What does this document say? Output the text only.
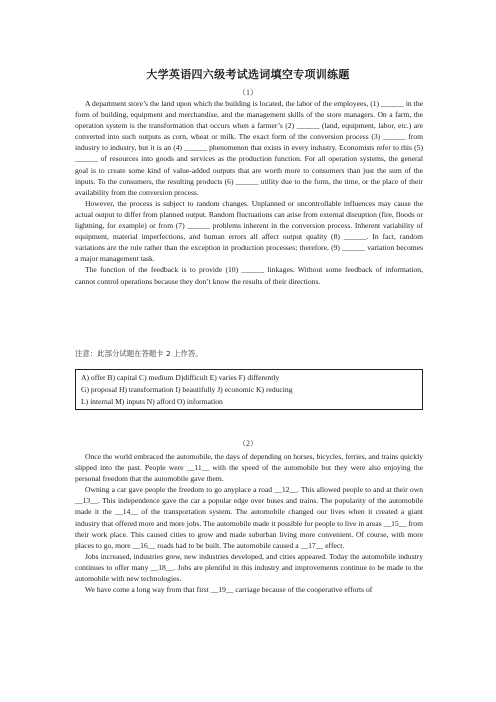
大学英语四六级考试选词填空专项训练题
（1）

A department store’s the land upon which the building is located, the labor of the employees, (1) ______ in the form of building, equipment and merchandise, and the management skills of the store managers. On a farm, the operation system is the transformation that occurs when a farmer’s (2) ______ (land, equipment, labor, etc.) are converted into such outputs as corn, wheat or milk. The exact form of the conversion process (3) ______ from industry to industry, but it is an (4) ______ phenomenon that exists in every industry. Economists refer to this (5) ______ of resources into goods and services as the production function. For all operation systems, the general goal is to create some kind of value-added outputs that are worth more to consumers than just the sum of the inputs. To the consumers, the resulting products (6) ______ utility due to the form, the time, or the place of their availability from the conversion process.

However, the process is subject to random changes. Unplanned or uncontrollable influences may cause the actual output to differ from planned output. Random fluctuations can arise from external disruption (fire, floods or lightning, for example) or from (7) ______ problems inherent in the conversion process. Inherent variability of equipment, material imperfections, and human errors all affect output quality (8) ______. In fact, random variations are the rule rather than the exception in production processes; therefore, (9) ______ variation becomes a major management task.

The function of the feedback is to provide (10) ______ linkages. Without some feedback of information, cannot control operations because they don’t know the results of their directions.

注意：此部分试题在答题卡 2 上作答。
A) offer B) capital C) medium D)difficult E) varies F) differently
G) proposal H) transformation I) beautifully J) economic K) reducing
L) internal M) inputs N) afford O) information
（2）

Once the world embraced the automobile, the days of depending on horses, bicycles, ferries, and trains quickly slipped into the past. People were __11__ with the speed of the automobile but they were also enjoying the personal freedom that the automobile gave them.

Owning a car gave people the freedom to go anyplace a road __12__. This allowed people to and at their own __13__. This independence gave the car a popular edge over buses and trains. The popularity of the automobile made it the __14__ of the transportation system. The automobile changed our lives when it created a giant industry that offered more and more jobs. The automobile made it possible for people to live in areas __15__ from their work place. This caused cities to grow and made suburban living more convenient. Of course, with more places to go, more __16__ roads had to be built. The automobile caused a __17__ effect.

Jobs increased, industries grew, new industries developed, and cities appeared. Today the automobile industry continues to offer many __18__. Jobs are plentiful in this industry and improvements continue to be made to the automobile with new technologies.

We have come a long way from that first __19__ carriage because of the cooperative efforts of
